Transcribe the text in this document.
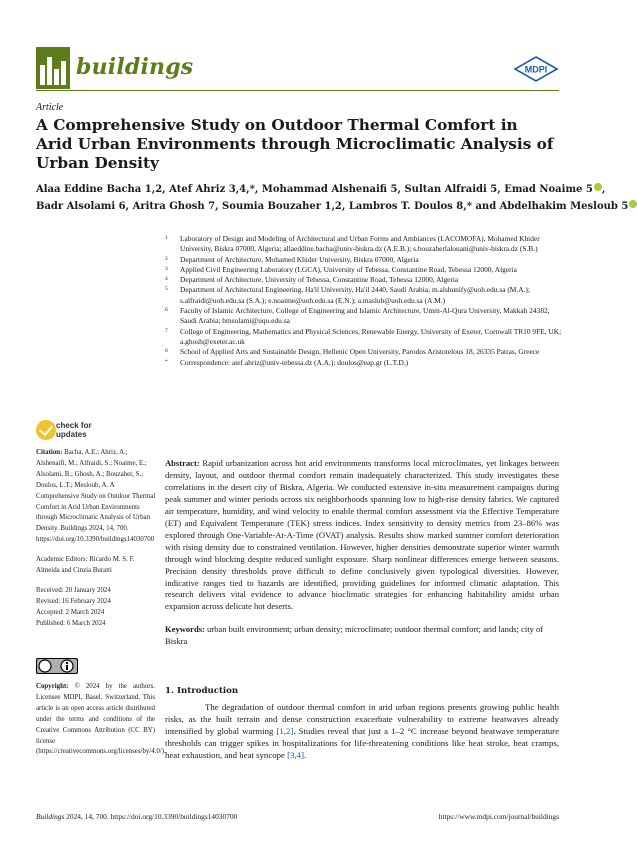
buildings	MDPI
Article
A Comprehensive Study on Outdoor Thermal Comfort in Arid Urban Environments through Microclimatic Analysis of Urban Density
Alaa Eddine Bacha 1,2, Atef Ahriz 3,4,*, Mohammad Alshenaifi 5, Sultan Alfraidi 5, Emad Noaime 5 ,
Badr Alsolami 6, Aritra Ghosh 7, Soumia Bouzaher 1,2, Lambros T. Doulos 8,* and Abdelhakim Mesloub 5
1 Laboratory of Design and Modeling of Architectural and Urban Forms and Ambiances (LACOMOFA), Mohamed Khider University, Biskra 07000, Algeria; allaeddine.bacha@univ-biskra.dz (A.E.B.); s.bouzaherlalouani@univ-biskra.dz (S.B.)
2 Department of Architecture, Mohamed Khider University, Biskra 07000, Algeria
3 Applied Civil Engineering Laboratory (LGCA), University of Tebessa, Constantine Road, Tebessa 12000, Algeria
4 Department of Architecture, University of Tebessa, Constantine Road, Tebessa 12000, Algeria
5 Department of Architectural Engineering, Ha'il University, Ha'il 2440, Saudi Arabia; m.alshunify@uoh.edu.sa (M.A.); s.alfraidi@uoh.edu.sa (S.A.); e.noaime@uoh.edu.sa (E.N.); a.maslub@uoh.edu.sa (A.M.)
6 Faculty of Islamic Architecture, College of Engineering and Islamic Architecture, Umm-Al-Qura University, Makkah 24382, Saudi Arabia; bmsolami@uqu.edu.sa
7 College of Engineering, Mathematics and Physical Sciences, Renewable Energy, University of Exeter, Cornwall TR10 9FE, UK; a.ghosh@exeter.ac.uk
8 School of Applied Arts and Sustainable Design, Hellenic Open University, Parodos Aristotelous 18, 26335 Patras, Greece
* Correspondence: atef.ahriz@univ-tebessa.dz (A.A.); doulos@eap.gr (L.T.D.)
check for updates
Citation: Bacha, A.E.; Ahriz, A.; Alshenaifi, M.; Alfraidi, S.; Noaime, E.; Alsolami, B.; Ghosh, A.; Bouzaher, S.; Doulos, L.T.; Mesloub, A. A Comprehensive Study on Outdoor Thermal Comfort in Arid Urban Environments through Microclimatic Analysis of Urban Density. Buildings 2024, 14, 700. https://doi.org/10.3390/buildings14030700
Academic Editors: Ricardo M. S. F. Almeida and Cinzia Buratti
Received: 20 January 2024
Revised: 16 February 2024
Accepted: 2 March 2024
Published: 6 March 2024
Copyright: © 2024 by the authors. Licensee MDPI, Basel, Switzerland. This article is an open access article distributed under the terms and conditions of the Creative Commons Attribution (CC BY) license (https://creativecommons.org/licenses/by/4.0/).
Abstract: Rapid urbanization across hot arid environments transforms local microclimates, yet linkages between density, layout, and outdoor thermal comfort remain inadequately characterized. This study investigates these correlations in the desert city of Biskra, Algeria. We conducted extensive in-situ measurement campaigns during peak summer and winter periods across six neighborhoods spanning low to high-rise density fabrics. We captured air temperature, humidity, and wind velocity to enable thermal comfort assessment via the Effective Temperature (ET) and Equivalent Temperature (TEK) stress indices. Index sensitivity to density metrics from 23–86% was explored through One-Variable-At-A-Time (OVAT) analysis. Results show marked summer comfort deterioration with rising density due to constrained ventilation. However, higher densities demonstrate superior winter warmth through wind blocking despite reduced sunlight exposure. Sharp nonlinear differences emerge between seasons. Precision density thresholds prove difficult to define conclusively given typological diversities. However, indicative ranges tied to hazards are identified, providing guidelines for informed climatic adaptation. This research delivers vital evidence to advance bioclimatic strategies for enhancing habitability amidst urban expansion across delicate hot deserts.
Keywords: urban built environment; urban density; microclimate; outdoor thermal comfort; arid lands; city of Biskra
1. Introduction
The degradation of outdoor thermal comfort in arid urban regions presents growing public health risks, as the built terrain and dense construction exacerbate vulnerability to extreme heatwaves already intensified by global warming [1,2]. Studies reveal that just a 1–2 °C increase beyond heatwave temperature thresholds can trigger spikes in hospitalizations for life-threatening conditions like heat stroke, heat cramps, heat exhaustion, and heat syncope [3,4].
Buildings 2024, 14, 700. https://doi.org/10.3390/buildings14030700	https://www.mdpi.com/journal/buildings
